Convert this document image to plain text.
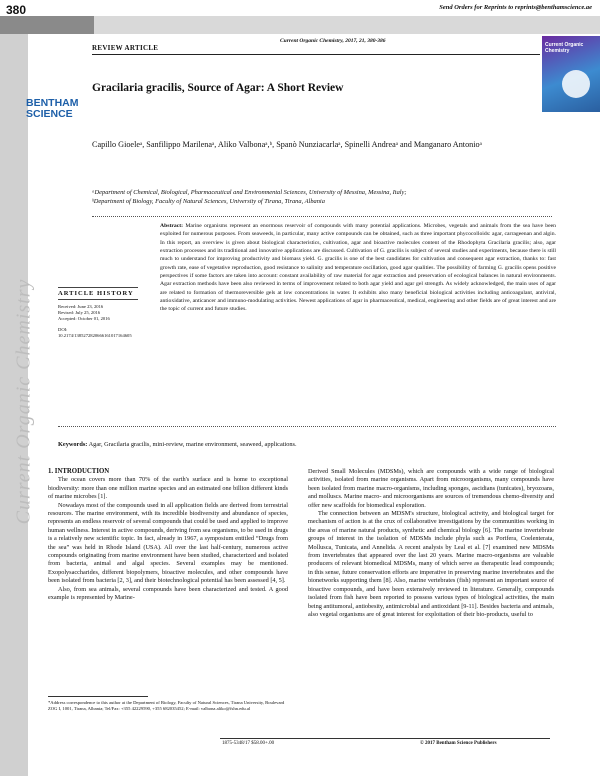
Current Organic Chemistry
380	Send Orders for Reprints to reprints@benthamscience.ae
Current Organic Chemistry, 2017, 21, 380-386
REVIEW ARTICLE
BENTHAM
SCIENCE
Current Organic Chemistry
Gracilaria gracilis, Source of Agar: A Short Review
Capillo Gioeleᵃ, Sanfilippo Marilenaᵃ, Aliko Valbonaᵃ,ᵇ, Spanò Nunziacarlaᵃ, Spinelli Andreaᵃ and Manganaro Antonioᵃ
ᵃDepartment of Chemical, Biological, Pharmaceutical and Environmental Sciences, University of Messina, Messina, Italy;
ᵇDepartment of Biology, Faculty of Natural Sciences, University of Tirana, Tirana, Albania
ARTICLE HISTORY
Received: June 23, 2016
Revised: July 25, 2016
Accepted: October 01, 2016
DOI:
10.2174/1385272820666161017164605
Abstract: Marine organisms represent an enormous reservoir of compounds with many potential applications. Microbes, vegetals and animals from the sea have been exploited for numerous purposes. From seaweeds, in particular, many active compounds can be obtained, such as three important phycocolloids: agar, carrageenan and algin. In this report, an overview is given about biological characteristics, cultivation, agar and bioactive molecules content of the Rhodophyta Gracilaria gracilis; also, agar extraction processes and its traditional and innovative applications are discussed. Cultivation of G. gracilis is subject of several studies and experiments, because there is still much to understand for improving productivity and biomass yield. G. gracilis is one of the best candidates for cultivation and consequent agar extraction, thanks to: fast growth rate, ease of vegetative reproduction, good resistance to salinity and temperature oscillation, good agar qualities. The possibility of farming G. gracilis opens positive perspectives if some factors are taken into account: constant availability of raw material for agar extraction and preservation of ecological balances in natural environments. Agar extraction methods have been also reviewed in terms of improvement related to both agar yield and agar gel strength. As widely acknowledged, the main uses of agar are related to formation of thermoreversible gels at low concentrations in water. It exhibits also many beneficial biological activities including anticoagulant, antiviral, antioxidative, anticancer and immuno-modulating activities. Newest applications of agar in pharmaceutical, medical, engineering and other fields are of great interest and are the topic of current and future studies.
Keywords: Agar, Gracilaria gracilis, mini-review, marine environment, seaweed, applications.

1. INTRODUCTION

The ocean covers more than 70% of the earth's surface and is home to exceptional biodiversity: more than one million marine species and an estimated one billion different kinds of marine microbes [1].

Nowadays most of the compounds used in all application fields are derived from terrestrial resources. The marine environment, with its incredible biodiversity and abundance of species, represents an endless reservoir of several compounds that could be used and applied to improve human wellness. Interest in active compounds, deriving from sea organisms, to be used in drugs is a relatively new scientific topic. In fact, already in 1967, a symposium entitled “Drugs from the sea” was held in Rhode Island (USA). All over the last half-century, numerous active compounds originating from marine environment have been studied, characterized and isolated from bacteria, animal and algal species. Several examples may be mentioned. Exopolysaccharides, different biopolymers, bioactive molecules, and other compounds have been isolated from bacteria [2, 3], and their biotechnological potential has been assessed [4, 5].

Also, from sea animals, several compounds have been characterized and tested. A good example is represented by Marine-

Derived Small Molecules (MDSMs), which are compounds with a wide range of biological activities, isolated from marine organisms. Apart from microorganisms, many compounds have been isolated from marine macro-organisms, including sponges, ascidians (tunicates), bryozoans, and molluscs. Marine macro- and microorganisms are sources of tremendous chemo-diversity and offer new scaffolds for biomedical exploration.

The connection between an MDSM's structure, biological activity, and biological target for mechanism of action is at the crux of collaborative investigations by the communities working in the areas of marine natural products, synthetic and chemical biology [6]. The marine invertebrate groups of interest in the isolation of MDSMs include phyla such as Porifera, Coelenterata, Mollusca, Tunicata, and Annelida. A recent analysis by Leal et al. [7] examined new MDSMs from invertebrates that appeared over the last 20 years. Marine macro-organisms are valuable producers of relevant biomedical MDSMs, many of which serve as therapeutic lead compounds; in this sense, future conservation efforts are imperative in preserving marine invertebrates and the bionetworks supporting them [8]. Also, marine vertebrates (fish) represent an important source of bioactive compounds, and have been extensively reviewed in literature. Generally, compounds isolated from fish have been reported to possess various types of biological activities, the main being antitumoral, antiobesity, antimicrobial and antioxidant [9-11]. Besides bacteria and animals, also vegetal organisms are of great interest for exploitation of their bio-products, useful to

*Address correspondence to this author at the Department of Biology, Faculty of Natural Sciences, Tirana University, Boulevard ZOG I, 1001, Tirana, Albania; Tel/Fax: +355 42229590, +355 682035452; E-mail: valbona.aliko@fshn.edu.al
1875-5348/17 $58.00+.00	© 2017 Bentham Science Publishers
